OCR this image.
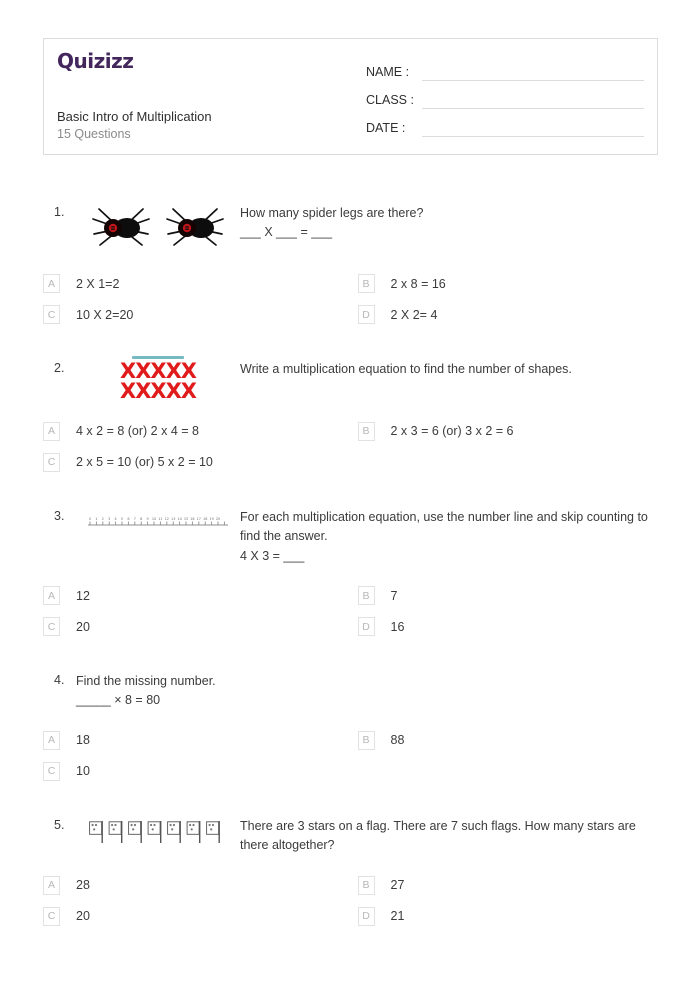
Quizizz
Basic Intro of Multiplication
15 Questions
NAME :
CLASS :
DATE :
1.	How many spider legs are there?
___ X ___ = ___
A	2 X 1=2	B	2 x 8 = 16
C	10 X 2=20	D	2 X 2= 4
2.	XXXXX
XXXXX
Write a multiplication equation to find the number of shapes.
A	4 x 2 = 8 (or) 2 x 4 = 8	B	2 x 3 = 6 (or) 3 x 2 = 6
C	2 x 5 = 10 (or) 5 x 2 = 10
3.	0 1 2 3 4 5 6 7 8 9 10 11 12 13 14 15 16 17 18 19 20 For each multiplication equation, use the number line and skip counting to find the answer.
4 X 3 = ___
A	12	B	7
C	20	D	16
4. Find the missing number.
_____ × 8 = 80
A	18	B	88
C	10
5.	There are 3 stars on a flag. There are 7 such flags. How many stars are there altogether?
A	28	B	27
C	20	D	21
